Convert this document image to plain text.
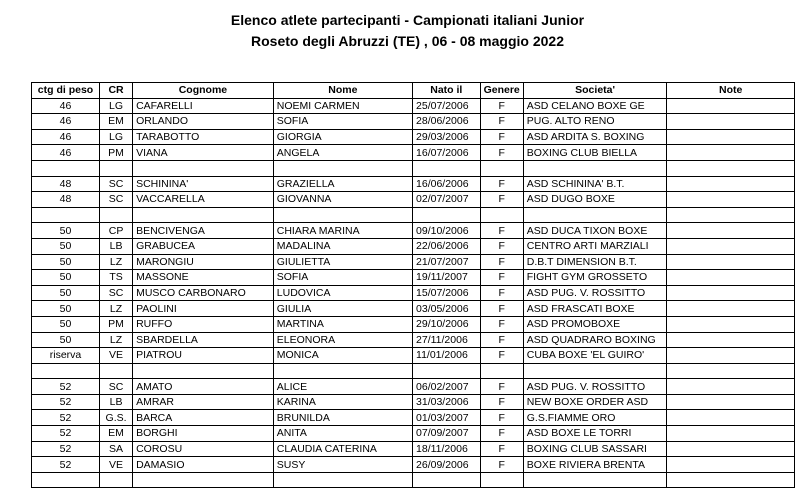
Elenco atlete partecipanti - Campionati italiani Junior
Roseto degli Abruzzi (TE) , 06 - 08 maggio 2022
ctg di peso	CR	Cognome	Nome	Nato il	Genere	Societa'	Note
46	LG	CAFARELLI	NOEMI CARMEN	25/07/2006	F	ASD CELANO BOXE GE	
46	EM	ORLANDO	SOFIA	28/06/2006	F	PUG. ALTO RENO	
46	LG	TARABOTTO	GIORGIA	29/03/2006	F	ASD ARDITA S. BOXING	
46	PM	VIANA	ANGELA	16/07/2006	F	BOXING CLUB BIELLA	

48	SC	SCHININA'	GRAZIELLA	16/06/2006	F	ASD SCHININA' B.T.	
48	SC	VACCARELLA	GIOVANNA	02/07/2007	F	ASD DUGO BOXE	

50	CP	BENCIVENGA	CHIARA MARINA	09/10/2006	F	ASD DUCA TIXON BOXE	
50	LB	GRABUCEA	MADALINA	22/06/2006	F	CENTRO ARTI MARZIALI	
50	LZ	MARONGIU	GIULIETTA	21/07/2007	F	D.B.T DIMENSION B.T.	
50	TS	MASSONE	SOFIA	19/11/2007	F	FIGHT GYM GROSSETO	
50	SC	MUSCO CARBONARO	LUDOVICA	15/07/2006	F	ASD PUG. V. ROSSITTO	
50	LZ	PAOLINI	GIULIA	03/05/2006	F	ASD FRASCATI BOXE	
50	PM	RUFFO	MARTINA	29/10/2006	F	ASD PROMOBOXE	
50	LZ	SBARDELLA	ELEONORA	27/11/2006	F	ASD QUADRARO BOXING	
riserva	VE	PIATROU	MONICA	11/01/2006	F	CUBA BOXE 'EL GUIRO'	

52	SC	AMATO	ALICE	06/02/2007	F	ASD PUG. V. ROSSITTO	
52	LB	AMRAR	KARINA	31/03/2006	F	NEW BOXE ORDER ASD	
52	G.S.	BARCA	BRUNILDA	01/03/2007	F	G.S.FIAMME ORO	
52	EM	BORGHI	ANITA	07/09/2007	F	ASD BOXE LE TORRI	
52	SA	COROSU	CLAUDIA CATERINA	18/11/2006	F	BOXING CLUB SASSARI	
52	VE	DAMASIO	SUSY	26/09/2006	F	BOXE RIVIERA BRENTA	
